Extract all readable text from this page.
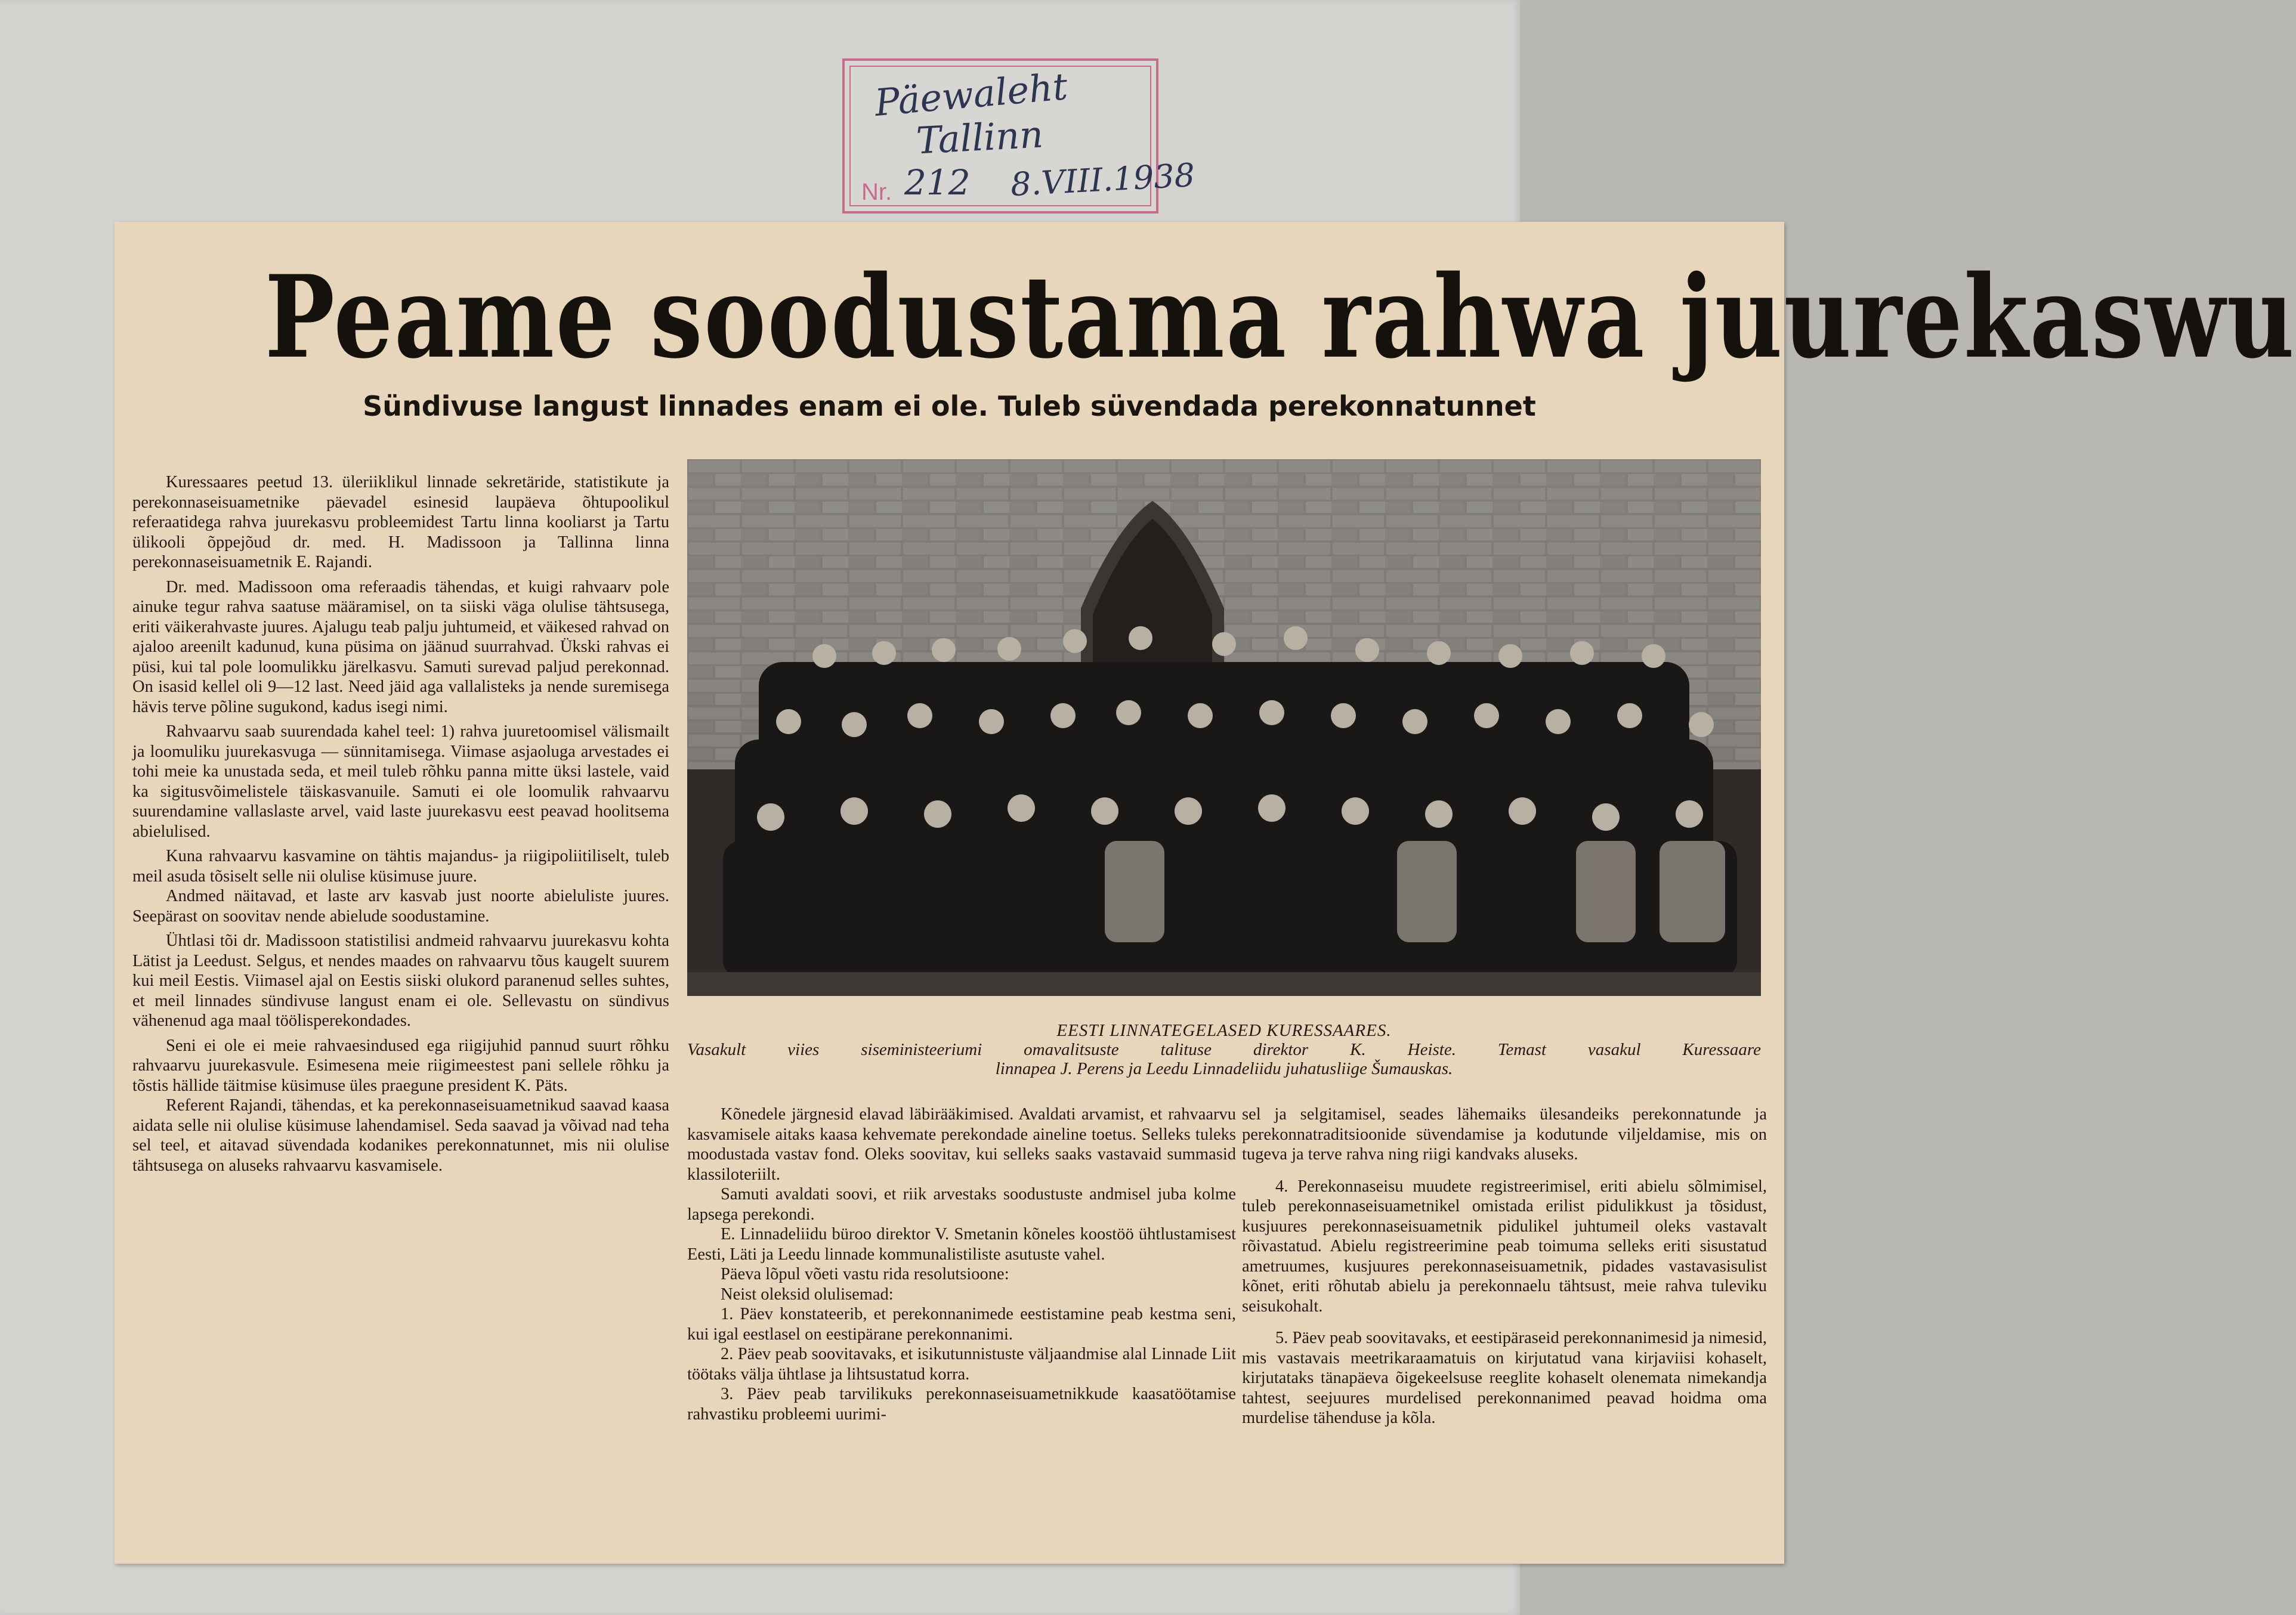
Päewaleht
Tallinn
Nr. 212 8.VIII.1938
Peame soodustama rahwa juurekaswu
Sündivuse langust linnades enam ei ole. Tuleb süvendada perekonnatunnet

Kuressaares peetud 13. üleriiklikul linnade sekretäride, statistikute ja perekonnaseisuametnike päevadel esinesid laupäeva õhtupoolikul referaatidega rahva juurekasvu probleemidest Tartu linna kooliarst ja Tartu ülikooli õppejõud dr. med. H. Madissoon ja Tallinna linna perekonnaseisuametnik E. Rajandi.

Dr. med. Madissoon oma referaadis tähendas, et kuigi rahvaarv pole ainuke tegur rahva saatuse määramisel, on ta siiski väga olulise tähtsusega, eriti väikerahvaste juures. Ajalugu teab palju juhtumeid, et väikesed rahvad on ajaloo areenilt kadunud, kuna püsima on jäänud suurrahvad. Ükski rahvas ei püsi, kui tal pole loomulikku järelkasvu. Samuti surevad paljud perekonnad. On isasid kellel oli 9—12 last. Need jäid aga vallalisteks ja nende suremisega hävis terve põline sugukond, kadus isegi nimi.

Rahvaarvu saab suurendada kahel teel: 1) rahva juuretoomisel välismailt ja loomuliku juurekasvuga — sünnitamisega. Viimase asjaoluga arvestades ei tohi meie ka unustada seda, et meil tuleb rõhku panna mitte üksi lastele, vaid ka sigitusvõimelistele täiskasvanuile. Samuti ei ole loomulik rahvaarvu suurendamine vallaslaste arvel, vaid laste juurekasvu eest peavad hoolitsema abielulised.

Kuna rahvaarvu kasvamine on tähtis majandus- ja riigipoliitiliselt, tuleb meil asuda tõsiselt selle nii olulise küsimuse juure.

Andmed näitavad, et laste arv kasvab just noorte abieluliste juures. Seepärast on soovitav nende abielude soodustamine.

Ühtlasi tõi dr. Madissoon statistilisi andmeid rahvaarvu juurekasvu kohta Lätist ja Leedust. Selgus, et nendes maades on rahvaarvu tõus kaugelt suurem kui meil Eestis. Viimasel ajal on Eestis siiski olukord paranenud selles suhtes, et meil linnades sündivuse langust enam ei ole. Sellevastu on sündivus vähenenud aga maal töölisperekondades.

Seni ei ole ei meie rahvaesindused ega riigijuhid pannud suurt rõhku rahvaarvu juurekasvule. Esimesena meie riigimeestest pani sellele rõhku ja tõstis hällide täitmise küsimuse üles praegune president K. Päts.

Referent Rajandi, tähendas, et ka perekonnaseisuametnikud saavad kaasa aidata selle nii olulise küsimuse lahendamisel. Seda saavad ja võivad nad teha sel teel, et aitavad süvendada kodanikes perekonnatunnet, mis nii olulise tähtsusega on aluseks rahvaarvu kasvamisele.

EESTI LINNATEGELASED KURESSAARES.
Vasakult viies siseministeeriumi omavalitsuste talituse direktor K. Heiste. Temast vasakul Kuressaare
linnapea J. Perens ja Leedu Linnadeliidu juhatusliige Šumauskas.

Kõnedele järgnesid elavad läbirääkimised. Avaldati arvamist, et rahvaarvu kasvamisele aitaks kaasa kehvemate perekondade aineline toetus. Selleks tuleks moodustada vastav fond. Oleks soovitav, kui selleks saaks vastavaid summasid klassiloteriilt.

Samuti avaldati soovi, et riik arvestaks soodustuste andmisel juba kolme lapsega perekondi.

E. Linnadeliidu büroo direktor V. Smetanin kõneles koostöö ühtlustamisest Eesti, Läti ja Leedu linnade kommunalistiliste asutuste vahel.

Päeva lõpul võeti vastu rida resolutsioone:

Neist oleksid olulisemad:

1. Päev konstateerib, et perekonnanimede eestistamine peab kestma seni, kui igal eestlasel on eestipärane perekonnanimi.

2. Päev peab soovitavaks, et isikutunnistuste väljaandmise alal Linnade Liit töötaks välja ühtlase ja lihtsustatud korra.

3. Päev peab tarvilikuks perekonnaseisuametnikkude kaasatöötamise rahvastiku probleemi uurimi-

sel ja selgitamisel, seades lähemaiks ülesandeiks perekonnatunde ja perekonnatraditsioonide süvendamise ja kodutunde viljeldamise, mis on tugeva ja terve rahva ning riigi kandvaks aluseks.

4. Perekonnaseisu muudete registreerimisel, eriti abielu sõlmimisel, tuleb perekonnaseisuametnikel omistada erilist pidulikkust ja tõsidust, kusjuures perekonnaseisuametnik pidulikel juhtumeil oleks vastavalt rõivastatud. Abielu registreerimine peab toimuma selleks eriti sisustatud ametruumes, kusjuures perekonnaseisuametnik, pidades vastavasisulist kõnet, eriti rõhutab abielu ja perekonnaelu tähtsust, meie rahva tuleviku seisukohalt.

5. Päev peab soovitavaks, et eestipäraseid perekonnanimesid ja nimesid, mis vastavais meetrikaraamatuis on kirjutatud vana kirjaviisi kohaselt, kirjutataks tänapäeva õigekeelsuse reeglite kohaselt olenemata nimekandja tahtest, seejuures murdelised perekonnanimed peavad hoidma oma murdelise tähenduse ja kõla.
